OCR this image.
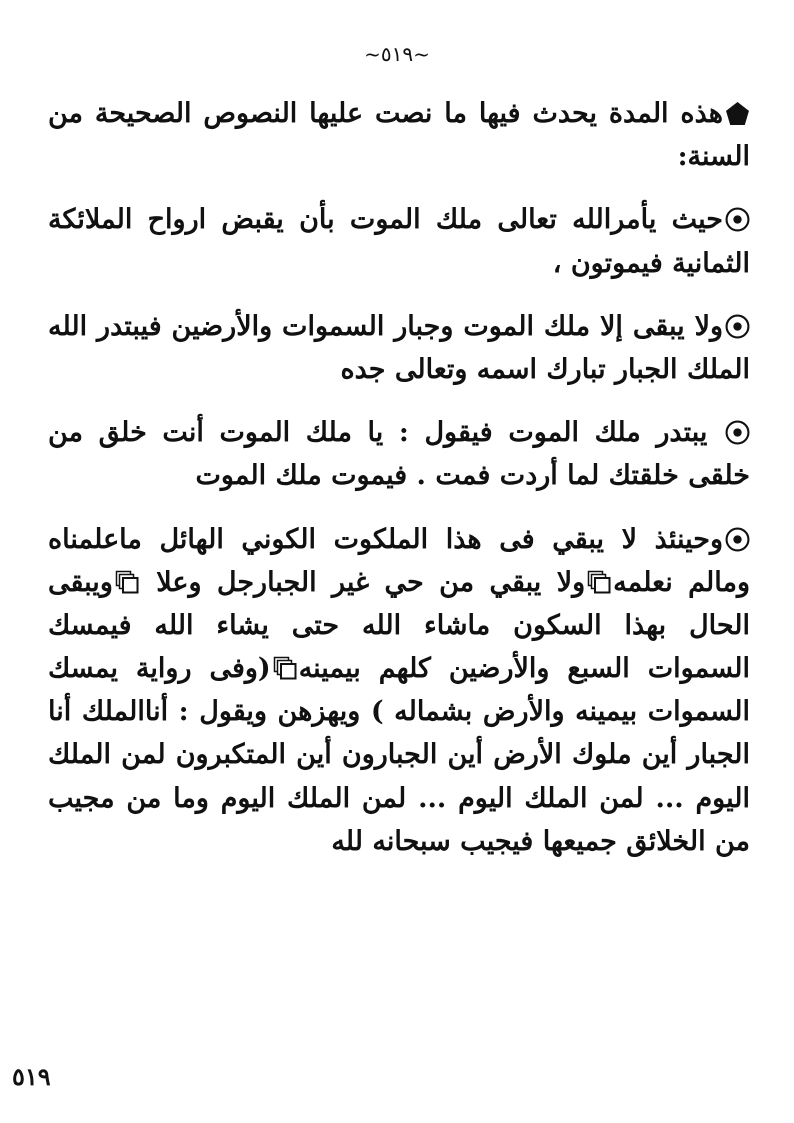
~٥١٩~

هذه المدة يحدث فيها ما نصت عليها النصوص الصحيحة من السنة:

حيث يأمرالله تعالى ملك الموت بأن يقبض ارواح الملائكة الثمانية فيموتون ،

ولا يبقى إلا ملك الموت وجبار السموات والأرضين فيبتدر الله الملك الجبار تبارك اسمه وتعالى جده

يبتدر ملك الموت فيقول : يا ملك الموت أنت خلق من خلقى خلقتك لما أردت فمت . فيموت ملك الموت

وحينئذ لا يبقي فى هذا الملكوت الكوني الهائل ماعلمناه ومالم نعلمه
ولا يبقي من حي غير الجبارجل وعلا
ويبقى الحال بهذا السكون ماشاء الله حتى يشاء الله فيمسك السموات السبع والأرضين كلهم بيمينه
(وفى رواية يمسك السموات بيمينه والأرض بشماله ) ويهزهن ويقول : أناالملك أنا الجبار أين ملوك الأرض أين الجبارون أين المتكبرون لمن الملك اليوم ... لمن الملك اليوم ... لمن الملك اليوم وما من مجيب من الخلائق جميعها فيجيب سبحانه لله

٥١٩
